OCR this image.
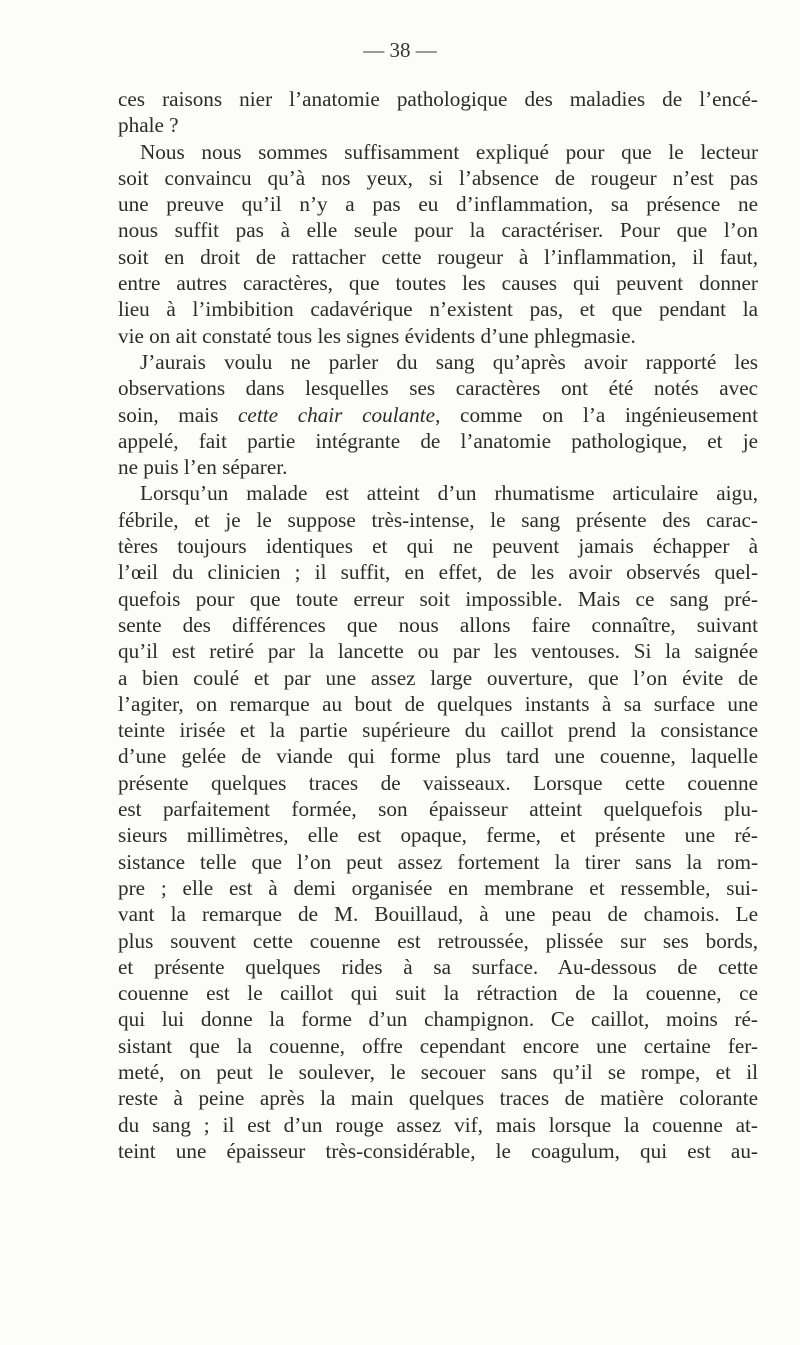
— 38 —
ces raisons nier l’anatomie pathologique des maladies de l’encé-
phale ?
Nous nous sommes suffisamment expliqué pour que le lecteur
soit convaincu qu’à nos yeux, si l’absence de rougeur n’est pas
une preuve qu’il n’y a pas eu d’inflammation, sa présence ne
nous suffit pas à elle seule pour la caractériser. Pour que l’on
soit en droit de rattacher cette rougeur à l’inflammation, il faut,
entre autres caractères, que toutes les causes qui peuvent donner
lieu à l’imbibition cadavérique n’existent pas, et que pendant la
vie on ait constaté tous les signes évidents d’une phlegmasie.
J’aurais voulu ne parler du sang qu’après avoir rapporté les
observations dans lesquelles ses caractères ont été notés avec
soin, mais cette chair coulante, comme on l’a ingénieusement
appelé, fait partie intégrante de l’anatomie pathologique, et je
ne puis l’en séparer.
Lorsqu’un malade est atteint d’un rhumatisme articulaire aigu,
fébrile, et je le suppose très-intense, le sang présente des carac-
tères toujours identiques et qui ne peuvent jamais échapper à
l’œil du clinicien ; il suffit, en effet, de les avoir observés quel-
quefois pour que toute erreur soit impossible. Mais ce sang pré-
sente des différences que nous allons faire connaître, suivant
qu’il est retiré par la lancette ou par les ventouses. Si la saignée
a bien coulé et par une assez large ouverture, que l’on évite de
l’agiter, on remarque au bout de quelques instants à sa surface une
teinte irisée et la partie supérieure du caillot prend la consistance
d’une gelée de viande qui forme plus tard une couenne, laquelle
présente quelques traces de vaisseaux. Lorsque cette couenne
est parfaitement formée, son épaisseur atteint quelquefois plu-
sieurs millimètres, elle est opaque, ferme, et présente une ré-
sistance telle que l’on peut assez fortement la tirer sans la rom-
pre ; elle est à demi organisée en membrane et ressemble, sui-
vant la remarque de M. Bouillaud, à une peau de chamois. Le
plus souvent cette couenne est retroussée, plissée sur ses bords,
et présente quelques rides à sa surface. Au-dessous de cette
couenne est le caillot qui suit la rétraction de la couenne, ce
qui lui donne la forme d’un champignon. Ce caillot, moins ré-
sistant que la couenne, offre cependant encore une certaine fer-
meté, on peut le soulever, le secouer sans qu’il se rompe, et il
reste à peine après la main quelques traces de matière colorante
du sang ; il est d’un rouge assez vif, mais lorsque la couenne at-
teint une épaisseur très-considérable, le coagulum, qui est au-
